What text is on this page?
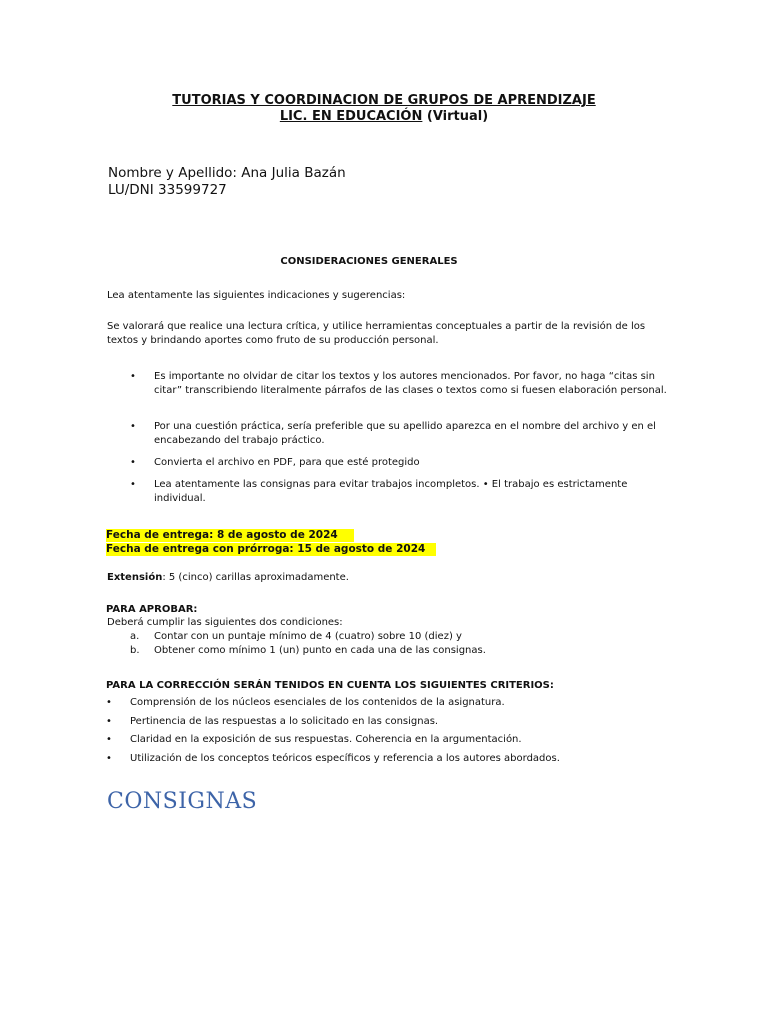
TUTORIAS Y COORDINACION DE GRUPOS DE APRENDIZAJE

LIC. EN EDUCACIÓN (Virtual)

Nombre y Apellido: Ana Julia Bazán

LU/DNI 33599727

CONSIDERACIONES GENERALES

Lea atentamente las siguientes indicaciones y sugerencias:

Se valorará que realice una lectura crítica, y utilice herramientas conceptuales a partir de la revisión de los textos y brindando aportes como fruto de su producción personal.

•	Es importante no olvidar de citar los textos y los autores mencionados. Por favor, no haga “citas sin citar” transcribiendo literalmente párrafos de las clases o textos como si fuesen elaboración personal.
•	Por una cuestión práctica, sería preferible que su apellido aparezca en el nombre del archivo y en el encabezando del trabajo práctico.
•	Convierta el archivo en PDF, para que esté protegido
•	Lea atentamente las consignas para evitar trabajos incompletos. • El trabajo es estrictamente individual.

Fecha de entrega: 8 de agosto de 2024

Fecha de entrega con prórroga: 15 de agosto de 2024

Extensión: 5 (cinco) carillas aproximadamente.

PARA APROBAR:

Deberá cumplir las siguientes dos condiciones:

a. Contar con un puntaje mínimo de 4 (cuatro) sobre 10 (diez) y
b. Obtener como mínimo 1 (un) punto en cada una de las consignas.

PARA LA CORRECCIÓN SERÁN TENIDOS EN CUENTA LOS SIGUIENTES CRITERIOS:

• Comprensión de los núcleos esenciales de los contenidos de la asignatura.
• Pertinencia de las respuestas a lo solicitado en las consignas.
• Claridad en la exposición de sus respuestas. Coherencia en la argumentación.
• Utilización de los conceptos teóricos específicos y referencia a los autores abordados.

CONSIGNAS
